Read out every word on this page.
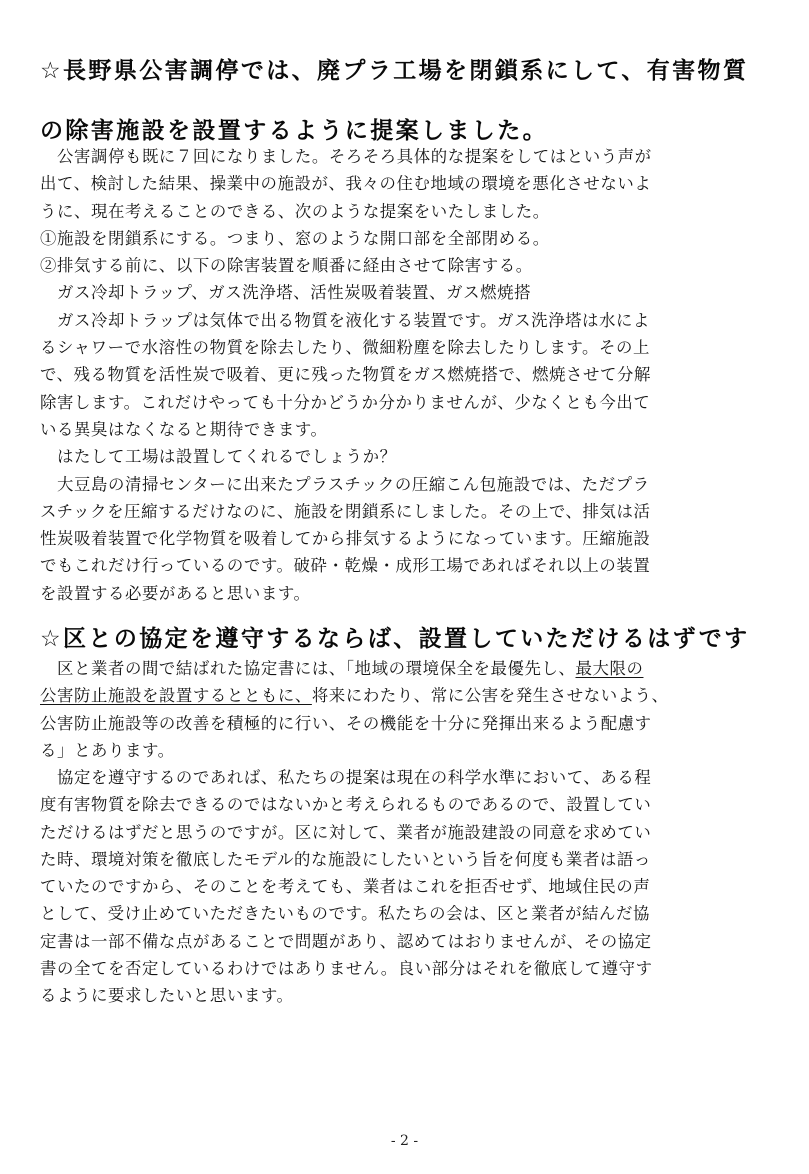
☆長野県公害調停では、廃プラ工場を閉鎖系にして、有害物質
の除害施設を設置するように提案しました。
　公害調停も既に７回になりました。そろそろ具体的な提案をしてはという声が
出て、検討した結果、操業中の施設が、我々の住む地域の環境を悪化させないよ
うに、現在考えることのできる、次のような提案をいたしました。
①施設を閉鎖系にする。つまり、窓のような開口部を全部閉める。
②排気する前に、以下の除害装置を順番に経由させて除害する。
　ガス冷却トラップ、ガス洗浄塔、活性炭吸着装置、ガス燃焼搭
　ガス冷却トラップは気体で出る物質を液化する装置です。ガス洗浄塔は水によ
るシャワーで水溶性の物質を除去したり、微細粉塵を除去したりします。その上
で、残る物質を活性炭で吸着、更に残った物質をガス燃焼搭で、燃焼させて分解
除害します。これだけやっても十分かどうか分かりませんが、少なくとも今出て
いる異臭はなくなると期待できます。
　はたして工場は設置してくれるでしょうか？
　大豆島の清掃センターに出来たプラスチックの圧縮こん包施設では、ただプラ
スチックを圧縮するだけなのに、施設を閉鎖系にしました。その上で、排気は活
性炭吸着装置で化学物質を吸着してから排気するようになっています。圧縮施設
でもこれだけ行っているのです。破砕・乾燥・成形工場であればそれ以上の装置
を設置する必要があると思います。
☆区との協定を遵守するならば、設置していただけるはずです
　区と業者の間で結ばれた協定書には、「地域の環境保全を最優先し、最大限の
公害防止施設を設置するとともに、将来にわたり、常に公害を発生させないよう、
公害防止施設等の改善を積極的に行い、その機能を十分に発揮出来るよう配慮す
る」とあります。
　協定を遵守するのであれば、私たちの提案は現在の科学水準において、ある程
度有害物質を除去できるのではないかと考えられるものであるので、設置してい
ただけるはずだと思うのですが。区に対して、業者が施設建設の同意を求めてい
た時、環境対策を徹底したモデル的な施設にしたいという旨を何度も業者は語っ
ていたのですから、そのことを考えても、業者はこれを拒否せず、地域住民の声
として、受け止めていただきたいものです。私たちの会は、区と業者が結んだ協
定書は一部不備な点があることで問題があり、認めてはおりませんが、その協定
書の全てを否定しているわけではありません。良い部分はそれを徹底して遵守す
るように要求したいと思います。
- 2 -
